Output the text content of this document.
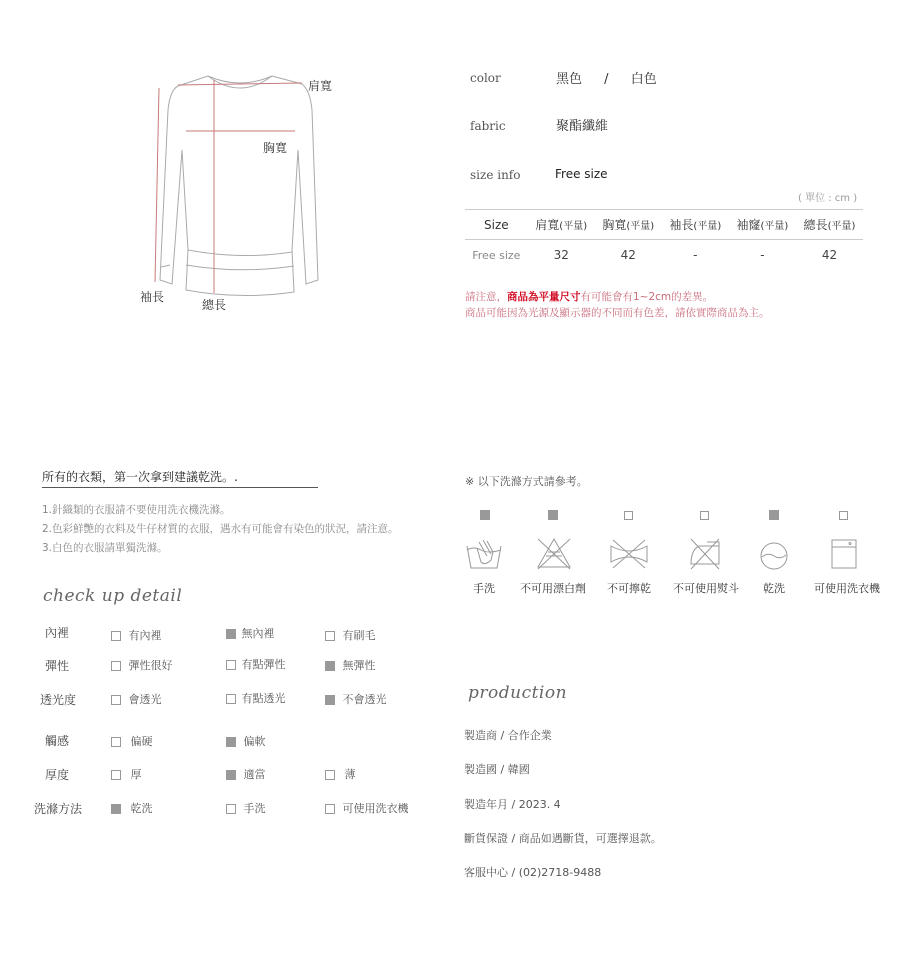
肩寬
胸寬
袖長
總長
color	黑色 / 白色
fabric	聚酯纖維
size info	Free size
( 單位 : cm )
Size	肩寬(平量)	胸寬(平量)	袖長(平量)	袖窿(平量)	總長(平量)
Free size	32	42	-	-	42
請注意，商品為平量尺寸有可能會有1~2cm的差異。
商品可能因為光源及顯示器的不同而有色差，請依實際商品為主。
所有的衣類，第一次拿到建議乾洗。.
1.針織類的衣服請不要使用洗衣機洗滌。
2.色彩鮮艷的衣料及牛仔材質的衣服，遇水有可能會有染色的狀況，請注意。
3.白色的衣服請單獨洗滌。
※ 以下洗滌方式請參考。
手洗	不可用漂白劑	不可擰乾	不可使用熨斗	乾洗	可使用洗衣機
check up detail
內裡	有內裡	無內裡	有刷毛
彈性	彈性很好	有點彈性	無彈性
透光度	會透光	有點透光	不會透光
觸感	偏硬	偏軟
厚度	厚	適當	薄
洗滌方法	乾洗	手洗	可使用洗衣機
production
製造商 / 合作企業
製造國 / 韓國
製造年月 / 2023. 4
斷貨保證 / 商品如遇斷貨，可選擇退款。
客服中心 / (02)2718-9488
